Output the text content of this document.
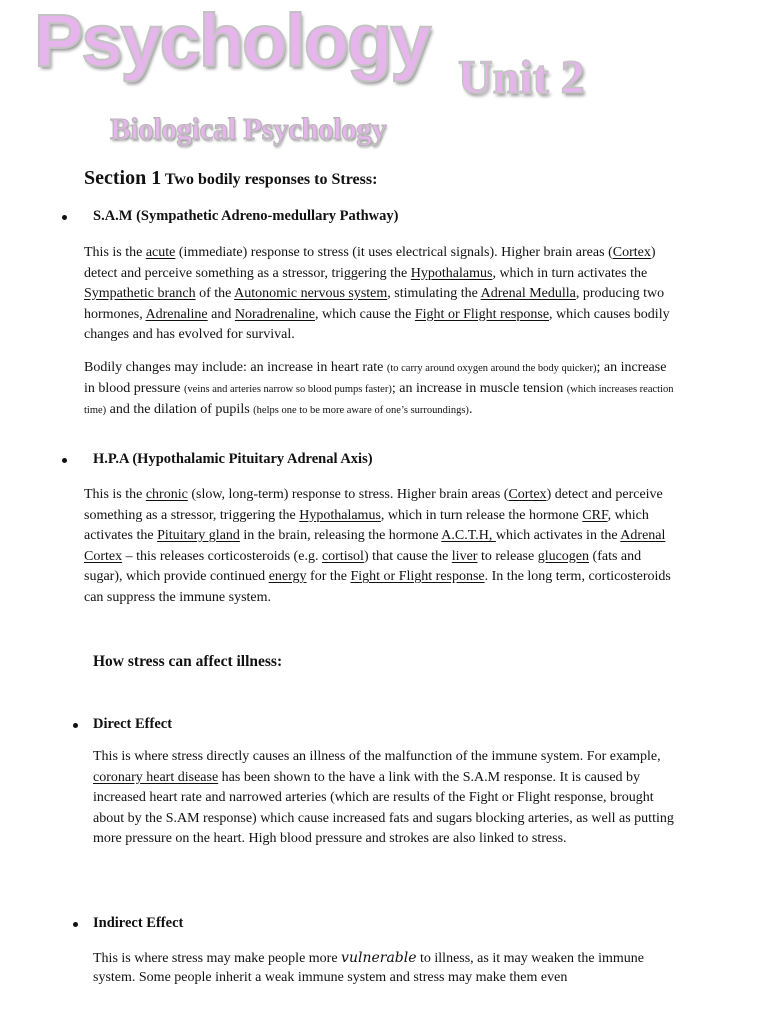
Psychology Unit 2
Biological Psychology
Section 1 Two bodily responses to Stress:
S.A.M (Sympathetic Adreno-medullary Pathway)

This is the acute (immediate) response to stress (it uses electrical signals). Higher brain areas (Cortex) detect and perceive something as a stressor, triggering the Hypothalamus, which in turn activates the Sympathetic branch of the Autonomic nervous system, stimulating the Adrenal Medulla, producing two hormones, Adrenaline and Noradrenaline, which cause the Fight or Flight response, which causes bodily changes and has evolved for survival.

Bodily changes may include: an increase in heart rate (to carry around oxygen around the body quicker); an increase in blood pressure (veins and arteries narrow so blood pumps faster); an increase in muscle tension (which increases reaction time) and the dilation of pupils (helps one to be more aware of one’s surroundings).

H.P.A (Hypothalamic Pituitary Adrenal Axis)

This is the chronic (slow, long-term) response to stress. Higher brain areas (Cortex) detect and perceive something as a stressor, triggering the Hypothalamus, which in turn release the hormone CRF, which activates the Pituitary gland in the brain, releasing the hormone A.C.T.H, which activates in the Adrenal Cortex – this releases corticosteroids (e.g. cortisol) that cause the liver to release glucogen (fats and sugar), which provide continued energy for the Fight or Flight response. In the long term, corticosteroids can suppress the immune system.

How stress can affect illness:
Direct Effect

This is where stress directly causes an illness of the malfunction of the immune system. For example, coronary heart disease has been shown to the have a link with the S.A.M response. It is caused by increased heart rate and narrowed arteries (which are results of the Fight or Flight response, brought about by the S.AM response) which cause increased fats and sugars blocking arteries, as well as putting more pressure on the heart. High blood pressure and strokes are also linked to stress.

Indirect Effect

This is where stress may make people more vulnerable to illness, as it may weaken the immune system. Some people inherit a weak immune system and stress may make them even
